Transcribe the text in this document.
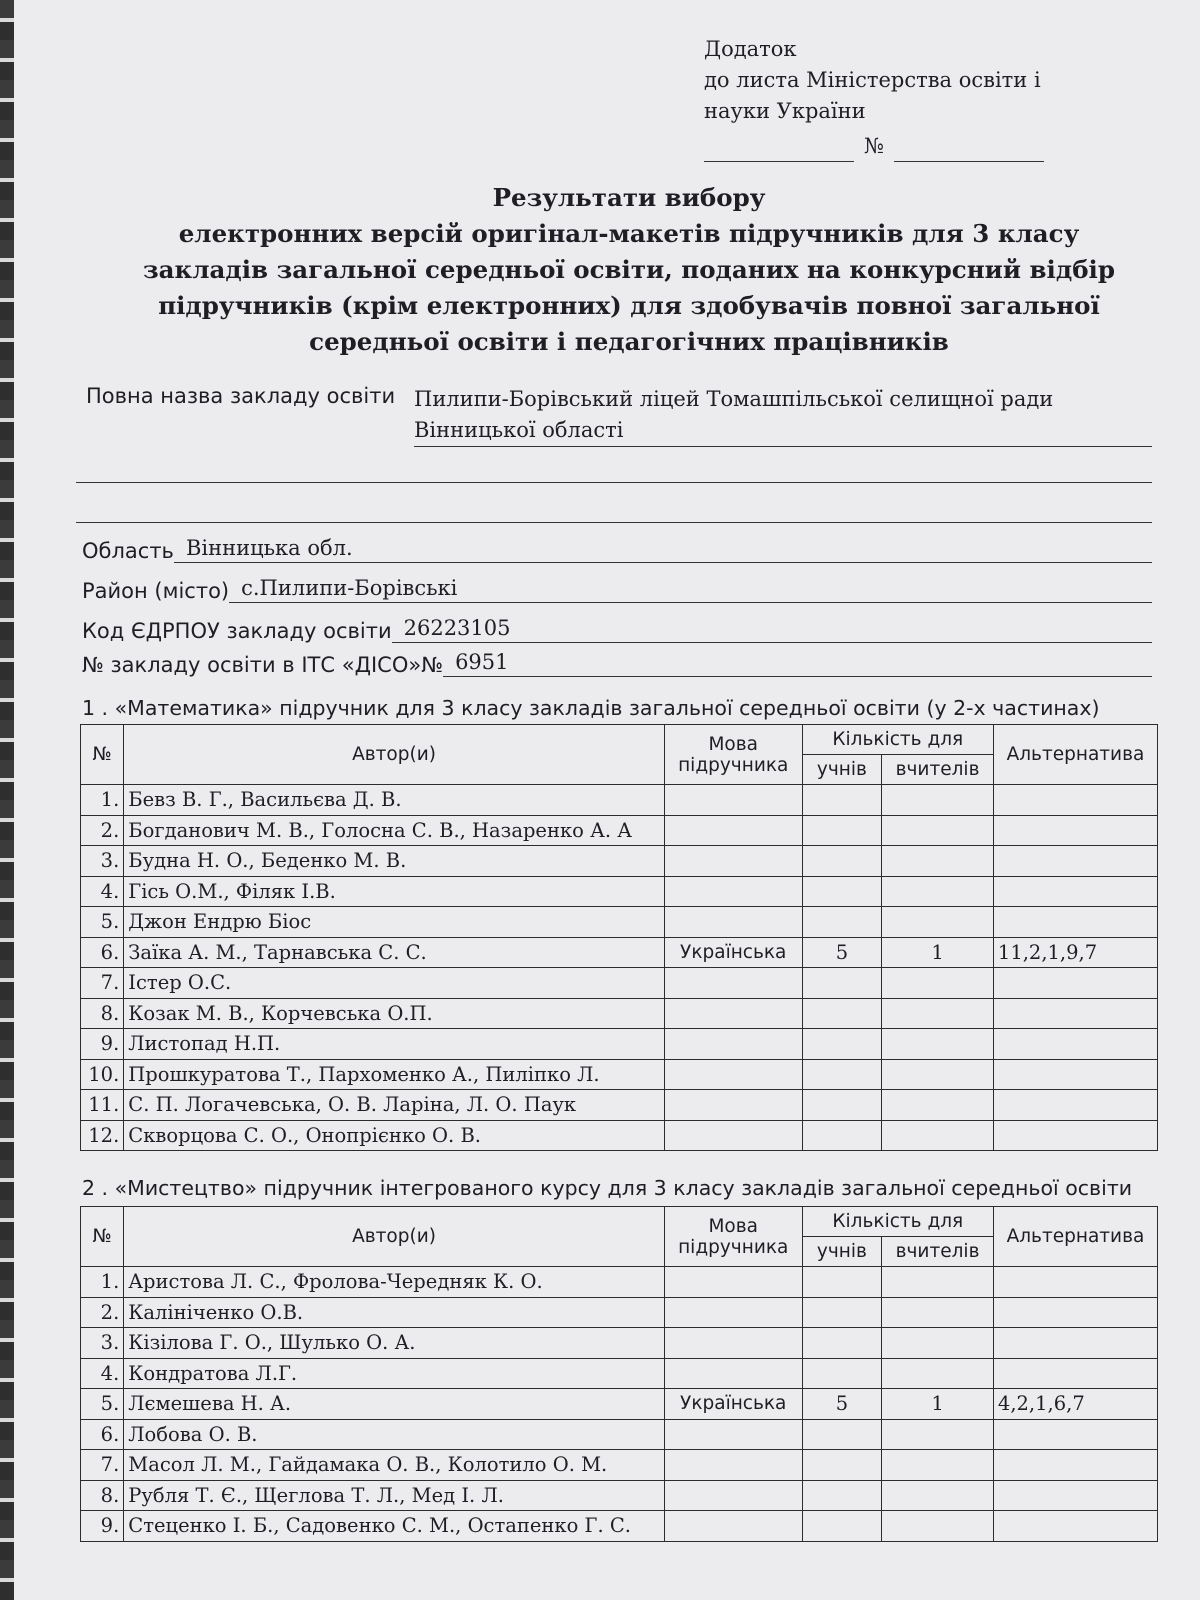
Додаток
до листа Міністерства освіти і
науки України
№
Результати вибору
електронних версій оригінал-макетів підручників для 3 класу
закладів загальної середньої освіти, поданих на конкурсний відбір
підручників (крім електронних) для здобувачів повної загальної
середньої освіти і педагогічних працівників
Повна назва закладу освіти Пилипи-Борівський ліцей Томашпільської селищної ради
Вінницької області
Область Вінницька обл.
Район (місто) с.Пилипи-Борівські
Код ЄДРПОУ закладу освіти 26223105
№ закладу освіти в ІТС «ДІСО»№ 6951
1 . «Математика» підручник для 3 класу закладів загальної середньої освіти (у 2-х частинах)
№	Автор(и)	Мова підручника	Кількість для		Альтернатива
			учнів	вчителів	
1.	Бевз В. Г., Васильєва Д. В.				
2.	Богданович М. В., Голосна С. В., Назаренко А. А				
3.	Будна Н. О., Беденко М. В.				
4.	Гісь О.М., Філяк І.В.				
5.	Джон Ендрю Біос				
6.	Заїка А. М., Тарнавська С. С.	Українська	5	1	11,2,1,9,7
7.	Істер О.С.				
8.	Козак М. В., Корчевська О.П.				
9.	Листопад Н.П.				
10.	Прошкуратова Т., Пархоменко А., Пиліпко Л.				
11.	С. П. Логачевська, О. В. Ларіна, Л. О. Паук				
12.	Скворцова С. О., Онопрієнко О. В.				
2 . «Мистецтво» підручник інтегрованого курсу для 3 класу закладів загальної середньої освіти
№	Автор(и)	Мова підручника	Кількість для		Альтернатива
			учнів	вчителів	
1.	Аристова Л. С., Фролова-Чередняк К. О.				
2.	Калініченко О.В.				
3.	Кізілова Г. О., Шулько О. А.				
4.	Кондратова Л.Г.				
5.	Лємешева Н. А.	Українська	5	1	4,2,1,6,7
6.	Лобова О. В.				
7.	Масол Л. М., Гайдамака О. В., Колотило О. М.				
8.	Рубля Т. Є., Щеглова Т. Л., Мед І. Л.				
9.	Стеценко І. Б., Садовенко С. М., Остапенко Г. С.				
